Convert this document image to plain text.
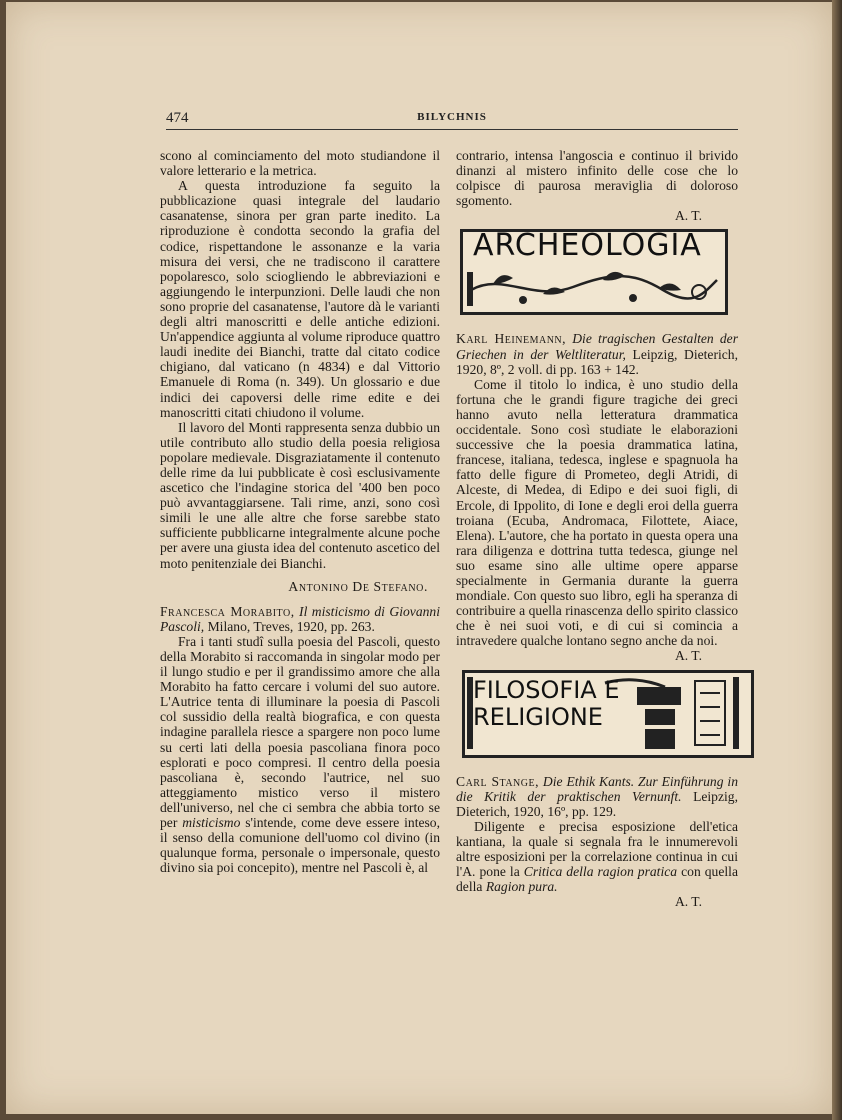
474	BILYCHNIS

scono al cominciamento del moto studiandone il valore letterario e la metrica.

A questa introduzione fa seguito la pubblicazione quasi integrale del laudario casanatense, sinora per gran parte inedito. La riproduzione è condotta secondo la grafia del codice, rispettandone le assonanze e la varia misura dei versi, che ne tradiscono il carattere popolaresco, solo sciogliendo le abbreviazioni e aggiungendo le interpunzioni. Delle laudi che non sono proprie del casanatense, l'autore dà le varianti degli altri manoscritti e delle antiche edizioni. Un'appendice aggiunta al volume riproduce quattro laudi inedite dei Bianchi, tratte dal citato codice chigiano, dal vaticano (n 4834) e dal Vittorio Emanuele di Roma (n. 349). Un glossario e due indici dei capoversi delle rime edite e dei manoscritti citati chiudono il volume.

Il lavoro del Monti rappresenta senza dubbio un utile contributo allo studio della poesia religiosa popolare medievale. Disgraziatamente il contenuto delle rime da lui pubblicate è così esclusivamente ascetico che l'indagine storica del '400 ben poco può avvantaggiarsene. Tali rime, anzi, sono così simili le une alle altre che forse sarebbe stato sufficiente pubblicarne integralmente alcune poche per avere una giusta idea del contenuto ascetico del moto penitenziale dei Bianchi.

Antonino De Stefano.

Francesca Morabito, Il misticismo di Giovanni Pascoli, Milano, Treves, 1920, pp. 263.

Fra i tanti studî sulla poesia del Pascoli, questo della Morabito si raccomanda in singolar modo per il lungo studio e per il grandissimo amore che alla Morabito ha fatto cercare i volumi del suo autore. L'Autrice tenta di illuminare la poesia di Pascoli col sussidio della realtà biografica, e con questa indagine parallela riesce a spargere non poco lume su certi lati della poesia pascoliana finora poco esplorati e poco compresi. Il centro della poesia pascoliana è, secondo l'autrice, nel suo atteggiamento mistico verso il mistero dell'universo, nel che ci sembra che abbia torto se per misticismo s'intende, come deve essere inteso, il senso della comunione dell'uomo col divino (in qualunque forma, personale o impersonale, questo divino sia poi concepito), mentre nel Pascoli è, al

contrario, intensa l'angoscia e continuo il brivido dinanzi al mistero infinito delle cose che lo colpisce di paurosa meraviglia di doloroso sgomento.

A. T.

ARCHEOLOGIA

Karl Heinemann, Die tragischen Gestalten der Griechen in der Weltliteratur, Leipzig, Dieterich, 1920, 8º, 2 voll. di pp. 163 + 142.

Come il titolo lo indica, è uno studio della fortuna che le grandi figure tragiche dei greci hanno avuto nella letteratura drammatica occidentale. Sono così studiate le elaborazioni successive che la poesia drammatica latina, francese, italiana, tedesca, inglese e spagnuola ha fatto delle figure di Prometeo, degli Atridi, di Alceste, di Medea, di Edipo e dei suoi figli, di Ercole, di Ippolito, di Ione e degli eroi della guerra troiana (Ecuba, Andromaca, Filottete, Aiace, Elena). L'autore, che ha portato in questa opera una rara diligenza e dottrina tutta tedesca, giunge nel suo esame sino alle ultime opere apparse specialmente in Germania durante la guerra mondiale. Con questo suo libro, egli ha speranza di contribuire a quella rinascenza dello spirito classico che è nei suoi voti, e di cui si comincia a intravedere qualche lontano segno anche da noi.

A. T.

FILOSOFIA E
RELIGIONE

Carl Stange, Die Ethik Kants. Zur Einführung in die Kritik der praktischen Vernunft. Leipzig, Dieterich, 1920, 16º, pp. 129.

Diligente e precisa esposizione dell'etica kantiana, la quale si segnala fra le innumerevoli altre esposizioni per la correlazione continua in cui l'A. pone la Critica della ragion pratica con quella della Ragion pura.

A. T.
